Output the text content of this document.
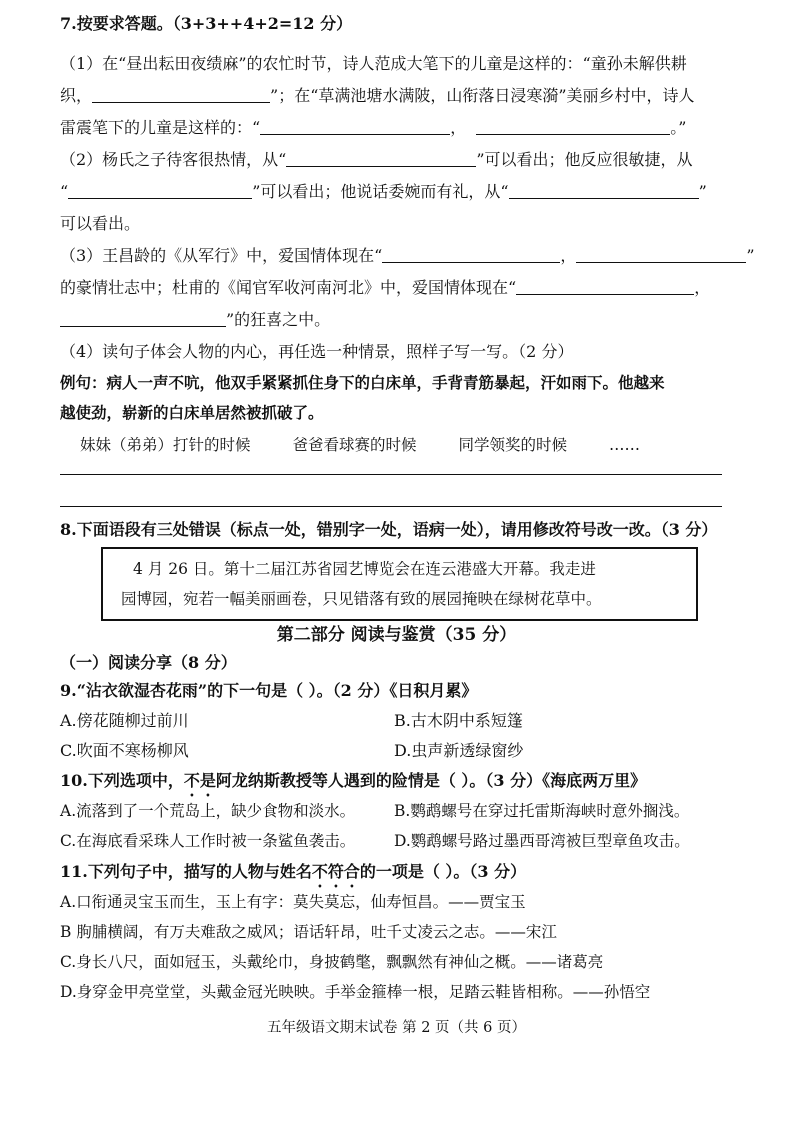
7.按要求答题。（3+3++4+2=12 分）
（1）在“昼出耘田夜绩麻”的农忙时节，诗人范成大笔下的儿童是这样的：“童孙未解供耕
织，	”；在“草满池塘水满陂，山衔落日浸寒漪”美丽乡村中，诗人
雷震笔下的儿童是这样的：“	，	。”
（2）杨氏之子待客很热情，从“	”可以看出；他反应很敏捷，从
“	”可以看出；他说话委婉而有礼，从“	”
可以看出。
（3）王昌龄的《从军行》中，爱国情体现在“	，	”
的豪情壮志中；杜甫的《闻官军收河南河北》中，爱国情体现在“	，
”的狂喜之中。
（4）读句子体会人物的内心，再任选一种情景，照样子写一写。（2 分）
例句：病人一声不吭，他双手紧紧抓住身下的白床单，手背青筋暴起，汗如雨下。他越来
越使劲，崭新的白床单居然被抓破了。
妹妹（弟弟）打针的时候	爸爸看球赛的时候	同学领奖的时候	……
8.下面语段有三处错误（标点一处，错别字一处，语病一处），请用修改符号改一改。（3 分）
4 月 26 日。第十二届江苏省园艺博览会在连云港盛大开幕。我走进
园博园，宛若一幅美丽画卷，只见错落有致的展园掩映在绿树花草中。
第二部分 阅读与鉴赏（35 分）
（一）阅读分享（8 分）
9.“沾衣欲湿杏花雨”的下一句是（ ）。（2 分）《日积月累》
A.傍花随柳过前川	B.古木阴中系短篷
C.吹面不寒杨柳风	D.虫声新透绿窗纱
10.下列选项中，不是阿龙纳斯教授等人遇到的险情是（ ）。（3 分）《海底两万里》
A.流落到了一个荒岛上，缺少食物和淡水。	B.鹦鹉螺号在穿过托雷斯海峡时意外搁浅。
C.在海底看采珠人工作时被一条鲨鱼袭击。	D.鹦鹉螺号路过墨西哥湾被巨型章鱼攻击。
11.下列句子中，描写的人物与姓名不符合的一项是（ ）。（3 分）
A.口衔通灵宝玉而生，玉上有字：莫失莫忘，仙寿恒昌。——贾宝玉
B 朐脯横阔，有万夫难敌之威风；语话轩昂，吐千丈凌云之志。——宋江
C.身长八尺，面如冠玉，头戴纶巾，身披鹤氅，飘飘然有神仙之概。——诸葛亮
D.身穿金甲亮堂堂，头戴金冠光映映。手举金箍棒一根，足踏云鞋皆相称。——孙悟空
五年级语文期末试卷 第 2 页（共 6 页）
